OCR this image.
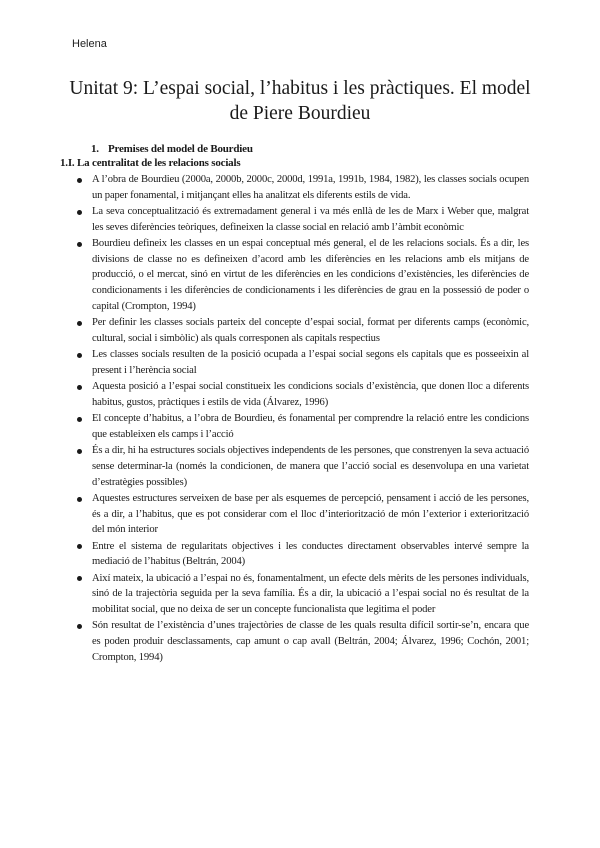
Helena
Unitat 9: L’espai social, l’habitus i les pràctiques. El model de Piere Bourdieu
1. Premises del model de Bourdieu
1.I. La centralitat de les relacions socials
A l’obra de Bourdieu (2000a, 2000b, 2000c, 2000d, 1991a, 1991b, 1984, 1982), les classes socials ocupen un paper fonamental, i mitjançant elles ha analitzat els diferents estils de vida.
La seva conceptualització és extremadament general i va més enllà de les de Marx i Weber que, malgrat les seves diferències teòriques, defineixen la classe social en relació amb l’àmbit econòmic
Bourdieu defineix les classes en un espai conceptual més general, el de les relacions socials. És a dir, les divisions de classe no es defineixen d’acord amb les diferències en les relacions amb els mitjans de producció, o el mercat, sinó en virtut de les diferències en les condicions d’existències, les diferències de condicionaments i les diferències de condicionaments i les diferències de grau en la possessió de poder o capital (Crompton, 1994)
Per definir les classes socials parteix del concepte d’espai social, format per diferents camps (econòmic, cultural, social i simbòlic) als quals corresponen als capitals respectius
Les classes socials resulten de la posició ocupada a l’espai social segons els capitals que es posseeixin al present i l’herència social
Aquesta posició a l’espai social constitueix les condicions socials d’existència, que donen lloc a diferents habitus, gustos, pràctiques i estils de vida (Álvarez, 1996)
El concepte d’habitus, a l’obra de Bourdieu, és fonamental per comprendre la relació entre les condicions que estableixen els camps i l’acció
És a dir, hi ha estructures socials objectives independents de les persones, que constrenyen la seva actuació sense determinar-la (només la condicionen, de manera que l’acció social es desenvolupa en una varietat d’estratègies possibles)
Aquestes estructures serveixen de base per als esquemes de percepció, pensament i acció de les persones, és a dir, a l’habitus, que es pot considerar com el lloc d’interiorització de món l’exterior i exteriorització del món interior
Entre el sistema de regularitats objectives i les conductes directament observables intervé sempre la mediació de l’habitus (Beltrán, 2004)
Així mateix, la ubicació a l’espai no és, fonamentalment, un efecte dels mèrits de les persones individuals, sinó de la trajectòria seguida per la seva família. És a dir, la ubicació a l’espai social no és resultat de la mobilitat social, que no deixa de ser un concepte funcionalista que legitima el poder
Són resultat de l’existència d’unes trajectòries de classe de les quals resulta difícil sortir-se’n, encara que es poden produir desclassaments, cap amunt o cap avall (Beltrán, 2004; Álvarez, 1996; Cochón, 2001; Crompton, 1994)
